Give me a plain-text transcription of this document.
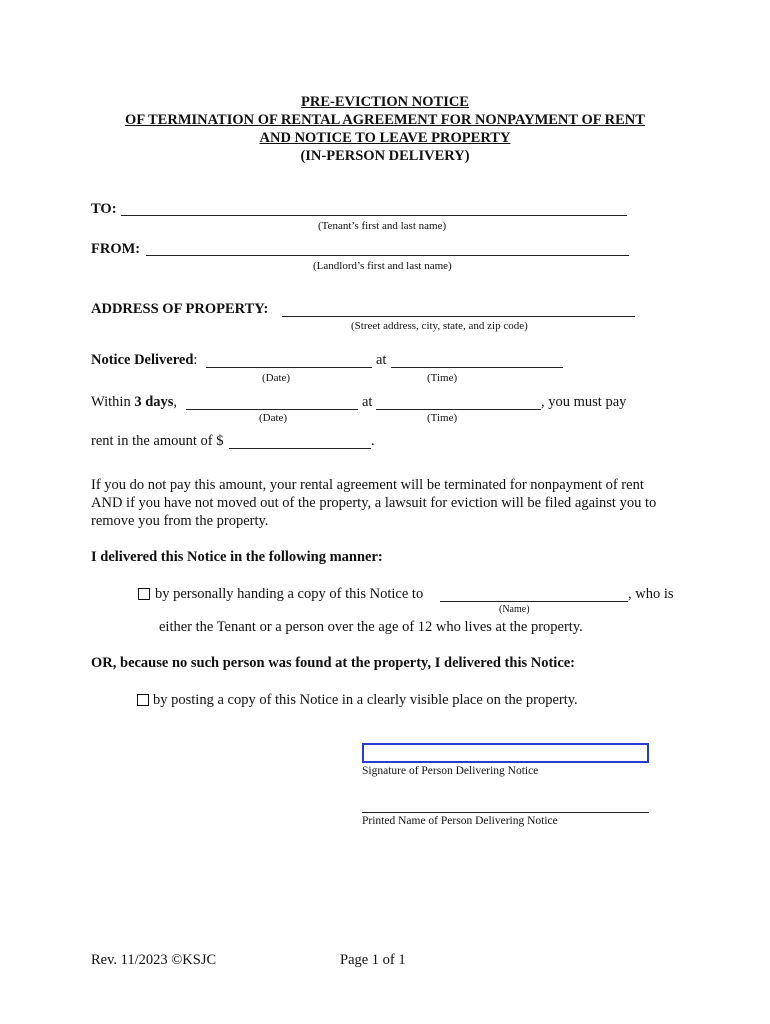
PRE-EVICTION NOTICE
OF TERMINATION OF RENTAL AGREEMENT FOR NONPAYMENT OF RENT
AND NOTICE TO LEAVE PROPERTY
(IN-PERSON DELIVERY)
TO:
(Tenant’s first and last name)
FROM:
(Landlord’s first and last name)
ADDRESS OF PROPERTY:
(Street address, city, state, and zip code)
Notice Delivered:	at
(Date)	(Time)
Within 3 days,	at	, you must pay
(Date)	(Time)
rent in the amount of $	.
If you do not pay this amount, your rental agreement will be terminated for nonpayment of rent
AND if you have not moved out of the property, a lawsuit for eviction will be filed against you to
remove you from the property.
I delivered this Notice in the following manner:
by personally handing a copy of this Notice to	, who is
(Name)
either the Tenant or a person over the age of 12 who lives at the property.
OR, because no such person was found at the property, I delivered this Notice:
by posting a copy of this Notice in a clearly visible place on the property.
Signature of Person Delivering Notice
Printed Name of Person Delivering Notice
Rev. 11/2023 ©KSJC	Page 1 of 1
